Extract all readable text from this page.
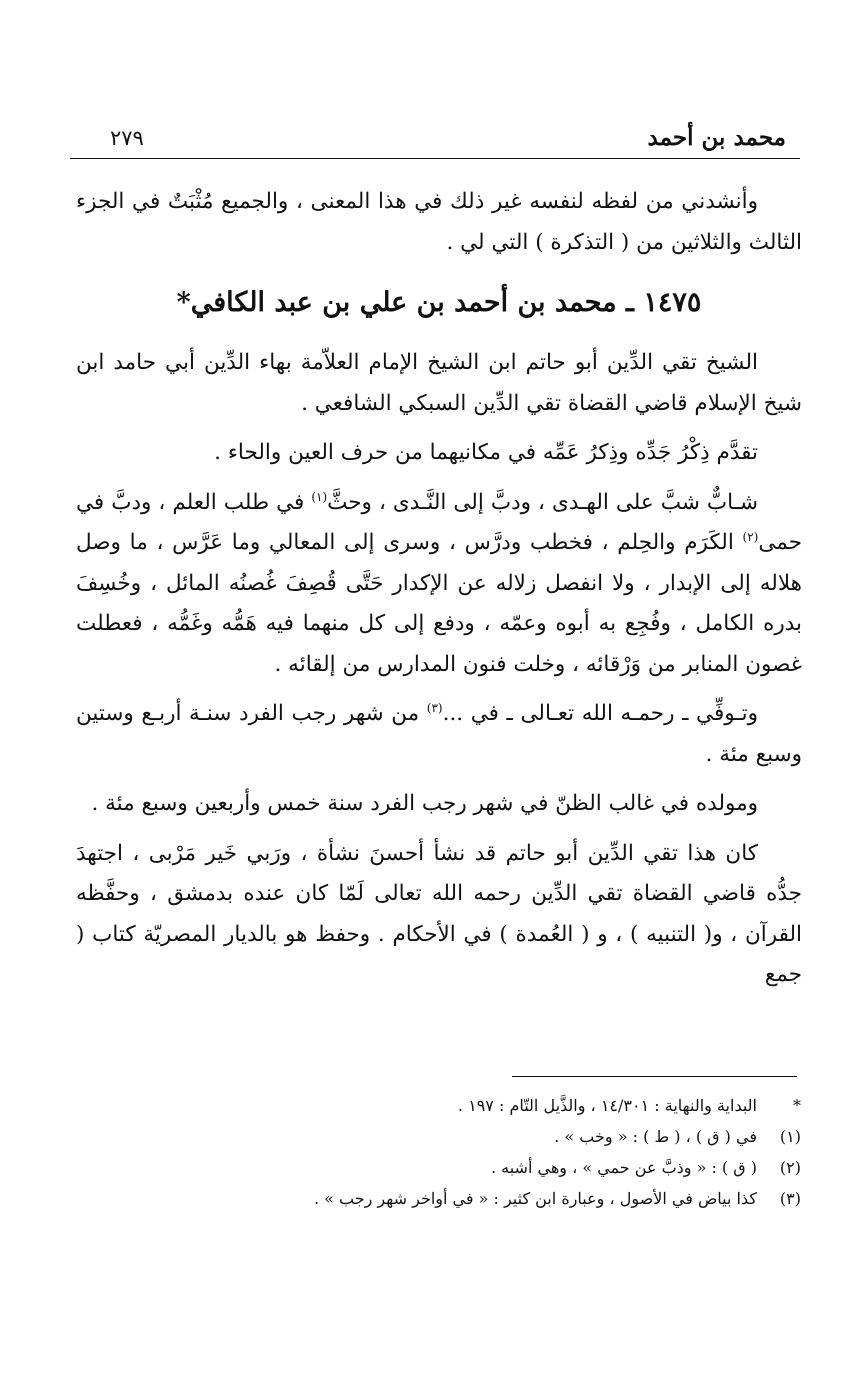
محمد بن أحمد
٢٧٩

وأنشدني من لفظه لنفسه غير ذلك في هذا المعنى ، والجميع مُثْبَتٌ في الجزء الثالث والثلاثين من ( التذكرة ) التي لي .

١٤٧٥ ـ محمد بن أحمد بن علي بن عبد الكافي*

الشيخ تقي الدِّين أبو حاتم ابن الشيخ الإمام العلاّمة بهاء الدِّين أبي حامد ابن شيخ الإسلام قاضي القضاة تقي الدِّين السبكي الشافعي .

تقدَّم ذِكْرُ جَدِّه وذِكرُ عَمِّه في مكانيهما من حرف العين والحاء .

شـابٌّ شبَّ على الهـدى ، ودبَّ إلى النَّـدى ، وحثَّ$^{(١)}$ في طلب العلم ، ودبَّ في حمى$^{(٢)}$ الكَرَم والحِلم ، فخطب ودرَّس ، وسرى إلى المعالي وما عَرَّس ، ما وصل هلاله إلى الإبدار ، ولا انفصل زلاله عن الإكدار حَتَّى قُصِفَ غُصنُه المائل ، وخُسِفَ بدره الكامل ، وفُجِع به أبوه وعمّه ، ودفع إلى كل منهما فيه هَمُّه وغَمُّه ، فعطلت غصون المنابر من وَرْقائه ، وخلت فنون المدارس من إلقائه .

وتـوفِّي ـ رحمـه الله تعـالى ـ في ...$^{(٣)}$ من شهر رجب الفرد سنـة أربـع وستين وسبع مئة .

ومولده في غالب الظنّ في شهر رجب الفرد سنة خمس وأربعين وسبع مئة .

كان هذا تقي الدِّين أبو حاتم قد نشأ أحسنَ نشأة ، ورَبي خَير مَرْبى ، اجتهدَ جدُّه قاضي القضاة تقي الدِّين رحمه الله تعالى لَمّا كان عنده بدمشق ، وحفَّظه القرآن ، و( التنبيه ) ، و ( العُمدة ) في الأحكام . وحفظ هو بالديار المصريّة كتاب ( جمع

*
البداية والنهاية : ١٤/٣٠١ ، والذَّيل التّام : ١٩٧ .
(١)
في ( ق ) ، ( ط ) : « وخب » .
(٢)
( ق ) : « وذبَّ عن حمي » ، وهي أشبه .
(٣)
كذا بياض في الأصول ، وعبارة ابن كثير : « في أواخر شهر رجب » .
